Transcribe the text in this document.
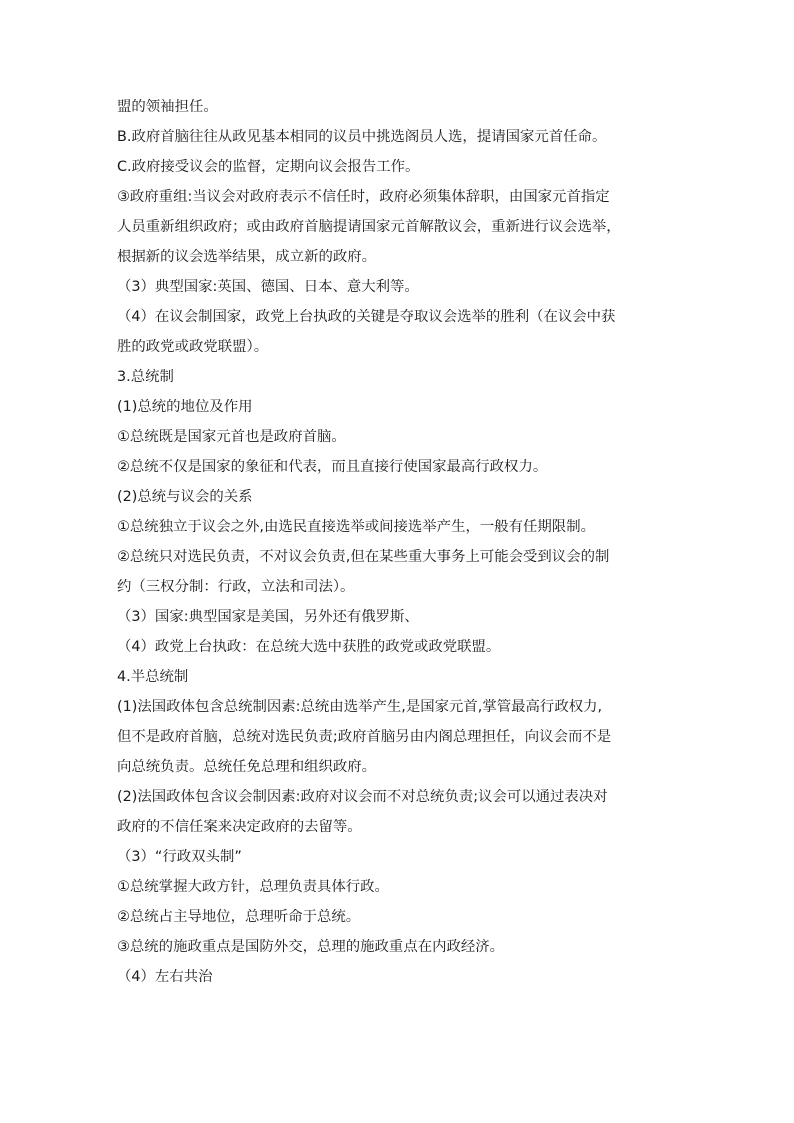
盟的领袖担任。
B.政府首脑往往从政见基本相同的议员中挑选阁员人选，提请国家元首任命。
C.政府接受议会的监督，定期向议会报告工作。
③政府重组:当议会对政府表示不信任时，政府必须集体辞职，由国家元首指定
人员重新组织政府；或由政府首脑提请国家元首解散议会，重新进行议会选举，
根据新的议会选举结果，成立新的政府。
（3）典型国家:英国、德国、日本、意大利等。
（4）在议会制国家，政党上台执政的关键是夺取议会选举的胜利（在议会中获
胜的政党或政党联盟）。
3.总统制
(1)总统的地位及作用
①总统既是国家元首也是政府首脑。
②总统不仅是国家的象征和代表，而且直接行使国家最高行政权力。
(2)总统与议会的关系
①总统独立于议会之外,由选民直接选举或间接选举产生，一般有任期限制。
②总统只对选民负责，不对议会负责,但在某些重大事务上可能会受到议会的制
约（三权分制：行政，立法和司法）。
（3）国家:典型国家是美国，另外还有俄罗斯、
（4）政党上台执政：在总统大选中获胜的政党或政党联盟。
4.半总统制
(1)法国政体包含总统制因素:总统由选举产生,是国家元首,掌管最高行政权力,
但不是政府首脑，总统对选民负责;政府首脑另由内阁总理担任，向议会而不是
向总统负责。总统任免总理和组织政府。
(2)法国政体包含议会制因素:政府对议会而不对总统负责;议会可以通过表决对
政府的不信任案来决定政府的去留等。
（3）“行政双头制”
①总统掌握大政方针，总理负责具体行政。
②总统占主导地位，总理听命于总统。
③总统的施政重点是国防外交，总理的施政重点在内政经济。
（4）左右共治
